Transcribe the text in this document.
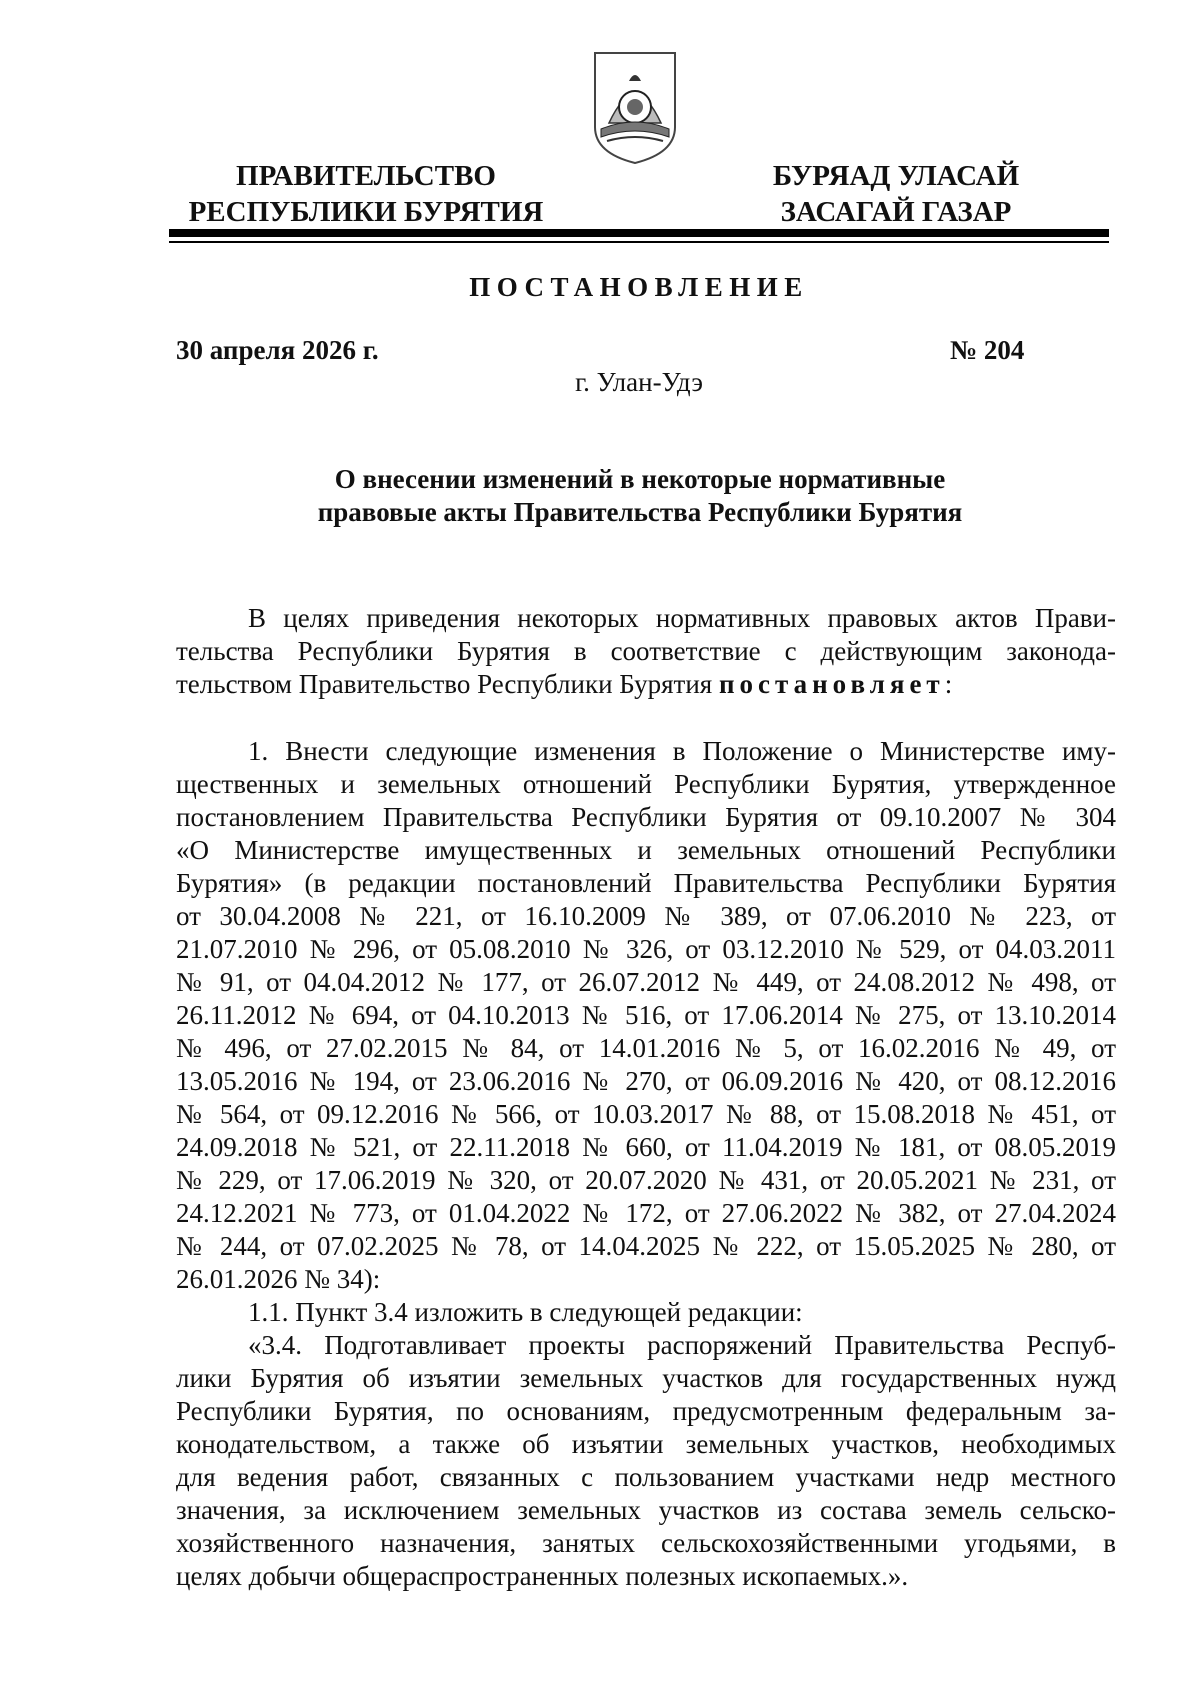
ПРАВИТЕЛЬСТВО
РЕСПУБЛИКИ БУРЯТИЯ
БУРЯАД УЛАСАЙ
ЗАСАГАЙ ГАЗАР
ПОСТАНОВЛЕНИЕ
30 апреля 2026 г.	№ 204
г. Улан-Удэ
О внесении изменений в некоторые нормативные
правовые акты Правительства Республики Бурятия
В целях приведения некоторых нормативных правовых актов Прави-
тельства Республики Бурятия в соответствие с действующим законода-
тельством Правительство Республики Бурятия постановляет:
1. Внести следующие изменения в Положение о Министерстве иму-
щественных и земельных отношений Республики Бурятия, утвержденное
постановлением Правительства Республики Бурятия от 09.10.2007 № 304
«О Министерстве имущественных и земельных отношений Республики
Бурятия» (в редакции постановлений Правительства Республики Бурятия
от 30.04.2008 № 221, от 16.10.2009 № 389, от 07.06.2010 № 223, от
21.07.2010 № 296, от 05.08.2010 № 326, от 03.12.2010 № 529, от 04.03.2011
№ 91, от 04.04.2012 № 177, от 26.07.2012 № 449, от 24.08.2012 № 498, от
26.11.2012 № 694, от 04.10.2013 № 516, от 17.06.2014 № 275, от 13.10.2014
№ 496, от 27.02.2015 № 84, от 14.01.2016 № 5, от 16.02.2016 № 49, от
13.05.2016 № 194, от 23.06.2016 № 270, от 06.09.2016 № 420, от 08.12.2016
№ 564, от 09.12.2016 № 566, от 10.03.2017 № 88, от 15.08.2018 № 451, от
24.09.2018 № 521, от 22.11.2018 № 660, от 11.04.2019 № 181, от 08.05.2019
№ 229, от 17.06.2019 № 320, от 20.07.2020 № 431, от 20.05.2021 № 231, от
24.12.2021 № 773, от 01.04.2022 № 172, от 27.06.2022 № 382, от 27.04.2024
№ 244, от 07.02.2025 № 78, от 14.04.2025 № 222, от 15.05.2025 № 280, от
26.01.2026 № 34):
1.1. Пункт 3.4 изложить в следующей редакции:
«3.4. Подготавливает проекты распоряжений Правительства Респуб-
лики Бурятия об изъятии земельных участков для государственных нужд
Республики Бурятия, по основаниям, предусмотренным федеральным за-
конодательством, а также об изъятии земельных участков, необходимых
для ведения работ, связанных с пользованием участками недр местного
значения, за исключением земельных участков из состава земель сельско-
хозяйственного назначения, занятых сельскохозяйственными угодьями, в
целях добычи общераспространенных полезных ископаемых.».
